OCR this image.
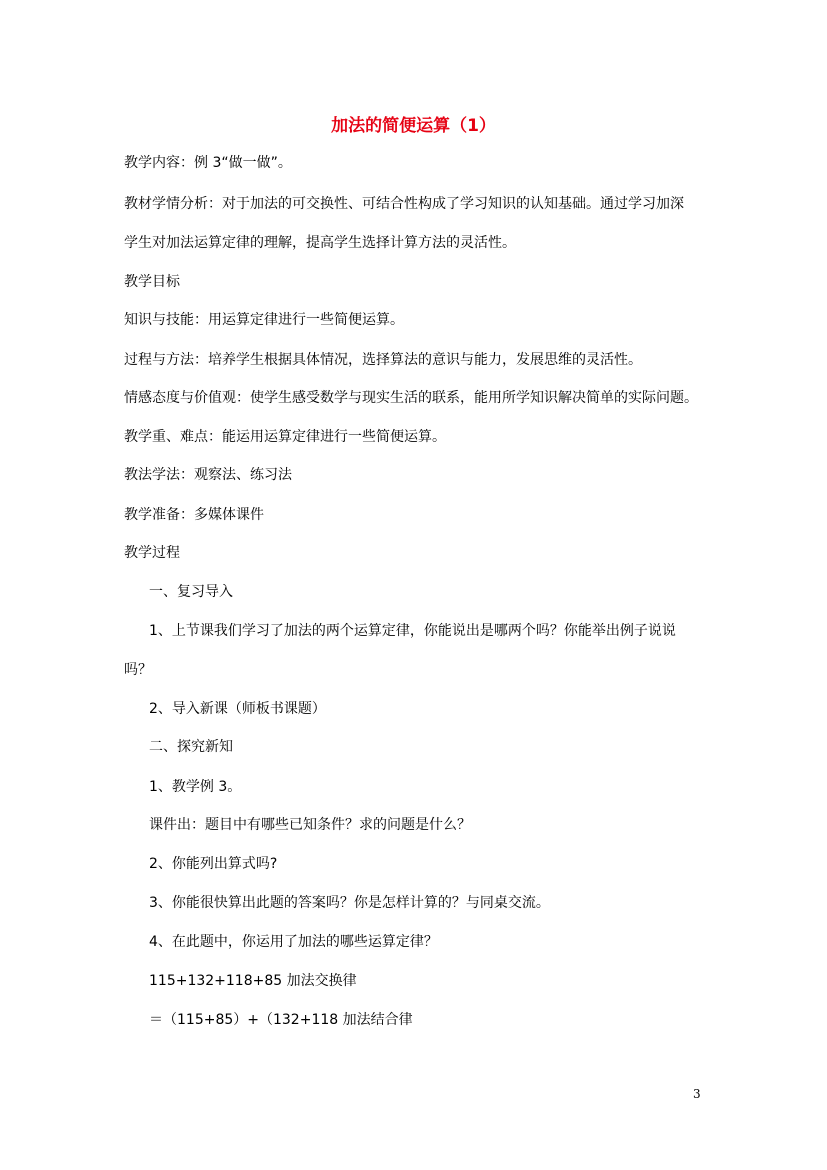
加法的简便运算（1）
教学内容：例 3“做一做”。
教材学情分析：对于加法的可交换性、可结合性构成了学习知识的认知基础。通过学习加深
学生对加法运算定律的理解，提高学生选择计算方法的灵活性。
教学目标
知识与技能：用运算定律进行一些简便运算。
过程与方法：培养学生根据具体情况，选择算法的意识与能力，发展思维的灵活性。
情感态度与价值观：使学生感受数学与现实生活的联系，能用所学知识解决简单的实际问题。
教学重、难点：能运用运算定律进行一些简便运算。
教法学法：观察法、练习法
教学准备：多媒体课件
教学过程
一、复习导入
1、上节课我们学习了加法的两个运算定律，你能说出是哪两个吗？你能举出例子说说
吗？
2、导入新课（师板书课题）
二、探究新知
1、教学例 3。
课件出：题目中有哪些已知条件？求的问题是什么？
2、你能列出算式吗?
3、你能很快算出此题的答案吗？你是怎样计算的？与同桌交流。
4、在此题中，你运用了加法的哪些运算定律？
115+132+118+85 加法交换律
＝（115+85）+（132+118 加法结合律
3
